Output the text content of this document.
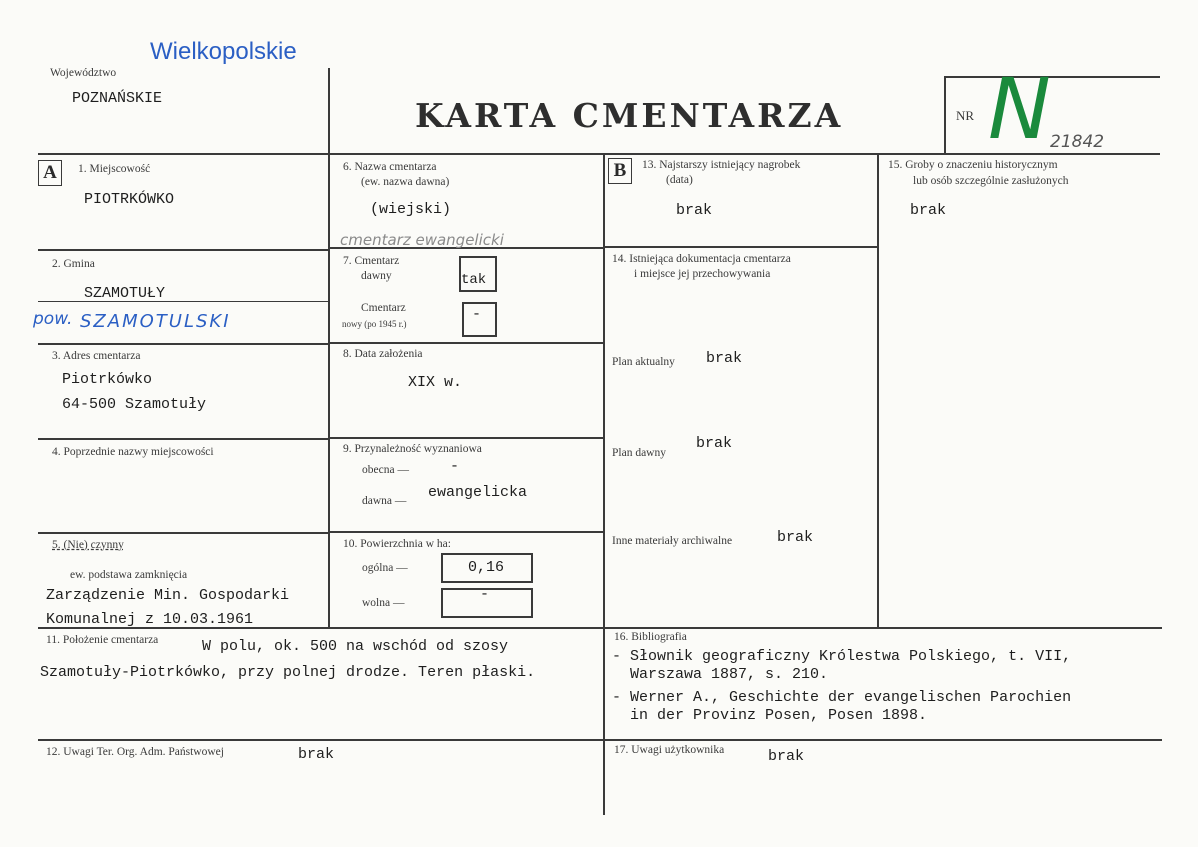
Wielkopolskie
Województwo
POZNAŃSKIE	KARTA CMENTARZA	NR N 21842
A	1. Miejscowość
PIOTRKÓWKO
2. Gmina
SZAMOTUŁY
pow. SZAMOTULSKI
3. Adres cmentarza
Piotrkówko
64-500 Szamotuły
4. Poprzednie nazwy miejscowości
5. (Nie) czynny
ew. podstawa zamknięcia
Zarządzenie Min. Gospodarki
Komunalnej z 10.03.1961
6. Nazwa cmentarza
(ew. nazwa dawna)
(wiejski)
cmentarz ewangelicki
7. Cmentarz
dawny	tak
Cmentarz
nowy (po 1945 r.)
-
8. Data założenia
XIX w.
9. Przynależność wyznaniowa
obecna —	-
dawna — ewangelicka
10. Powierzchnia w ha:
ogólna —	0,16
wolna —	-
11. Położenie cmentarza	W polu, ok. 500 na wschód od szosy
Szamotuły-Piotrkówko, przy polnej drodze. Teren płaski.
12. Uwagi Ter. Org. Adm. Państwowej	brak
B	13. Najstarszy istniejący nagrobek
(data)
brak
14. Istniejąca dokumentacja cmentarza
i miejsce jej przechowywania
Plan aktualny brak
Plan dawny
brak
Inne materiały archiwalne	brak
15. Groby o znaczeniu historycznym
lub osób szczególnie zasłużonych
brak
16. Bibliografia
- Słownik geograficzny Królestwa Polskiego, t. VII,
Warszawa 1887, s. 210.
- Werner A., Geschichte der evangelischen Parochien
in der Provinz Posen, Posen 1898.
17. Uwagi użytkownika	brak
